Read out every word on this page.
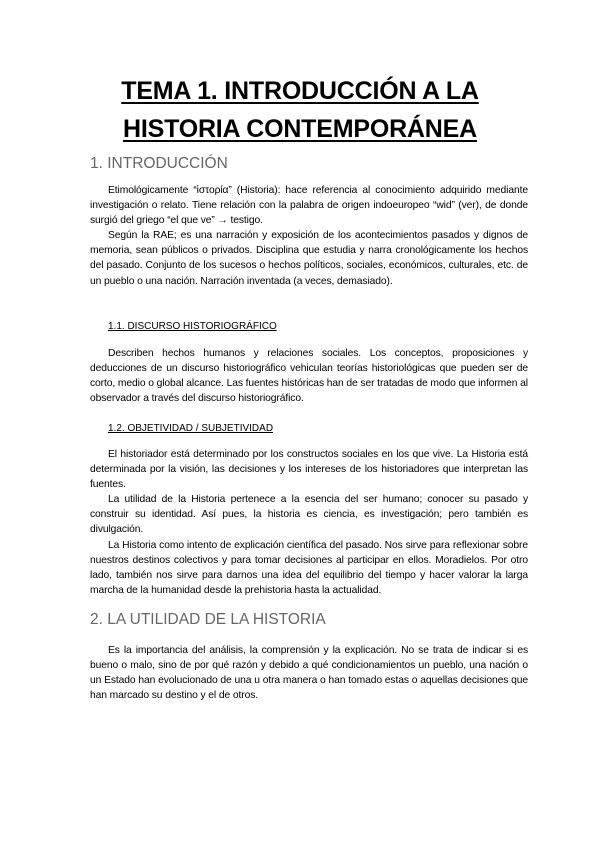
TEMA 1. INTRODUCCIÓN A LA
HISTORIA CONTEMPORÁNEA
1. INTRODUCCIÓN

Etimológicamente “ἱστορία” (Historia): hace referencia al conocimiento adquirido mediante investigación o relato. Tiene relación con la palabra de origen indoeuropeo “wid” (ver), de donde surgió del griego “el que ve” → testigo.

Según la RAE; es una narración y exposición de los acontecimientos pasados y dignos de memoria, sean públicos o privados. Disciplina que estudia y narra cronológicamente los hechos del pasado. Conjunto de los sucesos o hechos políticos, sociales, económicos, culturales, etc. de un pueblo o una nación. Narración inventada (a veces, demasiado).

1.1. DISCURSO HISTORIOGRÁFICO

Describen hechos humanos y relaciones sociales. Los conceptos, proposiciones y deducciones de un discurso historiográfico vehiculan teorías historiológicas que pueden ser de corto, medio o global alcance. Las fuentes históricas han de ser tratadas de modo que informen al observador a través del discurso historiográfico.

1.2. OBJETIVIDAD / SUBJETIVIDAD

El historiador está determinado por los constructos sociales en los que vive. La Historia está determinada por la visión, las decisiones y los intereses de los historiadores que interpretan las fuentes.

La utilidad de la Historia pertenece a la esencia del ser humano; conocer su pasado y construir su identidad. Así pues, la historia es ciencia, es investigación; pero también es divulgación.

La Historia como intento de explicación científica del pasado. Nos sirve para reflexionar sobre nuestros destinos colectivos y para tomar decisiones al participar en ellos. Moradielos. Por otro lado, también nos sirve para darnos una idea del equilibrio del tiempo y hacer valorar la larga marcha de la humanidad desde la prehistoria hasta la actualidad.

2. LA UTILIDAD DE LA HISTORIA

Es la importancia del análisis, la comprensión y la explicación. No se trata de indicar si es bueno o malo, sino de por qué razón y debido a qué condicionamientos un pueblo, una nación o un Estado han evolucionado de una u otra manera o han tomado estas o aquellas decisiones que han marcado su destino y el de otros.
